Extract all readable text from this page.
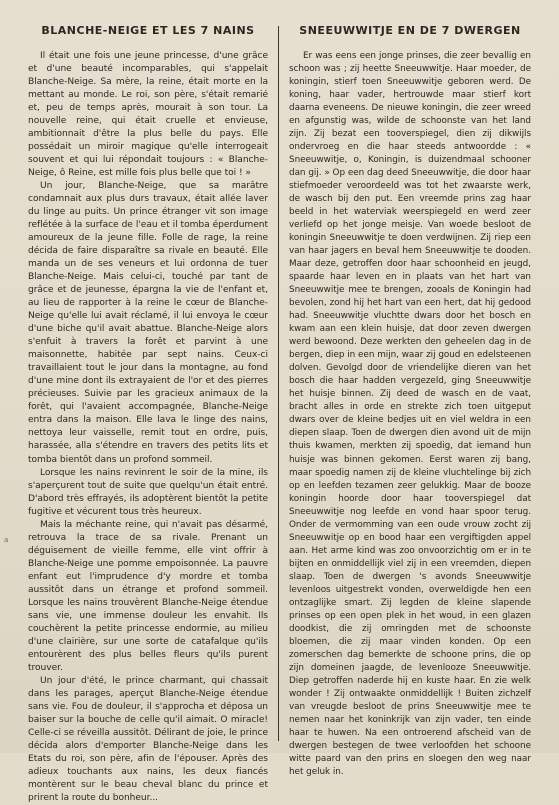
BLANCHE-NEIGE ET LES 7 NAINS

Il était une fois une jeune princesse, d'une grâce et d'une beauté incomparables, qui s'appelait Blanche-Neige. Sa mère, la reine, était morte en la mettant au monde. Le roi, son père, s'était remarié et, peu de temps après, mourait à son tour. La nouvelle reine, qui était cruelle et envieuse, ambitionnait d'être la plus belle du pays. Elle possédait un miroir magique qu'elle interrogeait souvent et qui lui répondait toujours : « Blanche-Neige, ô Reine, est mille fois plus belle que toi ! »

Un jour, Blanche-Neige, que sa marâtre condamnait aux plus durs travaux, était allée laver du linge au puits. Un prince étranger vit son image reflétée à la surface de l'eau et il tomba éperdument amoureux de la jeune fille. Folle de rage, la reine décida de faire disparaître sa rivale en beauté. Elle manda un de ses veneurs et lui ordonna de tuer Blanche-Neige. Mais celui-ci, touché par tant de grâce et de jeunesse, épargna la vie de l'enfant et, au lieu de rapporter à la reine le cœur de Blanche-Neige qu'elle lui avait réclamé, il lui envoya le cœur d'une biche qu'il avait abattue. Blanche-Neige alors s'enfuit à travers la forêt et parvint à une maisonnette, habitée par sept nains. Ceux-ci travaillaient tout le jour dans la montagne, au fond d'une mine dont ils extrayaient de l'or et des pierres précieuses. Suivie par les gracieux animaux de la forêt, qui l'avaient accompagnée, Blanche-Neige entra dans la maison. Elle lava le linge des nains, nettoya leur vaisselle, remit tout en ordre, puis, harassée, alla s'étendre en travers des petits lits et tomba bientôt dans un profond sommeil.

Lorsque les nains revinrent le soir de la mine, ils s'aperçurent tout de suite que quelqu'un était entré. D'abord très effrayés, ils adoptèrent bientôt la petite fugitive et vécurent tous très heureux.

Mais la méchante reine, qui n'avait pas désarmé, retrouva la trace de sa rivale. Prenant un déguisement de vieille femme, elle vint offrir à Blanche-Neige une pomme empoisonnée. La pauvre enfant eut l'imprudence d'y mordre et tomba aussitôt dans un étrange et profond sommeil. Lorsque les nains trouvèrent Blanche-Neige étendue sans vie, une immense douleur les envahit. Ils couchèrent la petite princesse endormie, au milieu d'une clairière, sur une sorte de catafalque qu'ils entourèrent des plus belles fleurs qu'ils purent trouver.

Un jour d'été, le prince charmant, qui chassait dans les parages, aperçut Blanche-Neige étendue sans vie. Fou de douleur, il s'approcha et déposa un baiser sur la bouche de celle qu'il aimait. O miracle! Celle-ci se réveilla aussitôt. Délirant de joie, le prince décida alors d'emporter Blanche-Neige dans les Etats du roi, son père, afin de l'épouser. Après des adieux touchants aux nains, les deux fiancés montèrent sur le beau cheval blanc du prince et prirent la route du bonheur...

SNEEUWWITJE EN DE 7 DWERGEN

Er was eens een jonge prinses, die zeer bevallig en schoon was ; zij heette Sneeuwwitje. Haar moeder, de koningin, stierf toen Sneeuwwitje geboren werd. De koning, haar vader, hertrouwde maar stierf kort daarna eveneens. De nieuwe koningin, die zeer wreed en afgunstig was, wilde de schoonste van het land zijn. Zij bezat een tooverspiegel, dien zij dikwijls ondervroeg en die haar steeds antwoordde : « Sneeuwwitje, o, Koningin, is duizendmaal schooner dan gij. » Op een dag deed Sneeuwwitje, die door haar stiefmoeder veroordeeld was tot het zwaarste werk, de wasch bij den put. Een vreemde prins zag haar beeld in het waterviak weerspiegeld en werd zeer verliefd op het jonge meisje. Van woede besloot de koningin Sneeuwwitje te doen verdwijnen. Zij riep een van haar jagers en beval hem Sneeuwwitje te dooden. Maar deze, getroffen door haar schoonheid en jeugd, spaarde haar leven en in plaats van het hart van Sneeuwwitje mee te brengen, zooals de Koningin had bevolen, zond hij het hart van een hert, dat hij gedood had. Sneeuwwitje vluchtte dwars door het bosch en kwam aan een klein huisje, dat door zeven dwergen werd bewoond. Deze werkten den geheelen dag in de bergen, diep in een mijn, waar zij goud en edelsteenen dolven. Gevolgd door de vriendelijke dieren van het bosch die haar hadden vergezeld, ging Sneeuwwitje het huisje binnen. Zij deed de wasch en de vaat, bracht alles in orde en strekte zich toen uitgeput dwars over de kleine bedjes uit en viel weldra in een diepen slaap. Toen de dwergen dien avond uit de mijn thuis kwamen, merkten zij spoedig, dat iemand hun huisje was binnen gekomen. Eerst waren zij bang, maar spoedig namen zij de kleine vluchtelinge bij zich op en leefden tezamen zeer gelukkig. Maar de booze koningin hoorde door haar tooverspiegel dat Sneeuwwitje nog leefde en vond haar spoor terug. Onder de vermomming van een oude vrouw zocht zij Sneeuwwitje op en bood haar een vergiftigden appel aan. Het arme kind was zoo onvoorzichtig om er in te bijten en onmiddellijk viel zij in een vreemden, diepen slaap. Toen de dwergen 's avonds Sneeuwwitje levenloos uitgestrekt vonden, overweldigde hen een ontzaglijke smart. Zij legden de kleine slapende prinses op een open plek in het woud, in een glazen doodkist, die zij omringden met de schoonste bloemen, die zij maar vinden konden. Op een zomerschen dag bemerkte de schoone prins, die op zijn domeinen jaagde, de levenlooze Sneeuwwitje. Diep getroffen naderde hij en kuste haar. En zie welk wonder ! Zij ontwaakte onmiddellijk ! Buiten zichzelf van vreugde besloot de prins Sneeuwwitje mee te nemen naar het koninkrijk van zijn vader, ten einde haar te huwen. Na een ontroerend afscheid van de dwergen bestegen de twee verloofden het schoone witte paard van den prins en sloegen den weg naar het geluk in.

a
